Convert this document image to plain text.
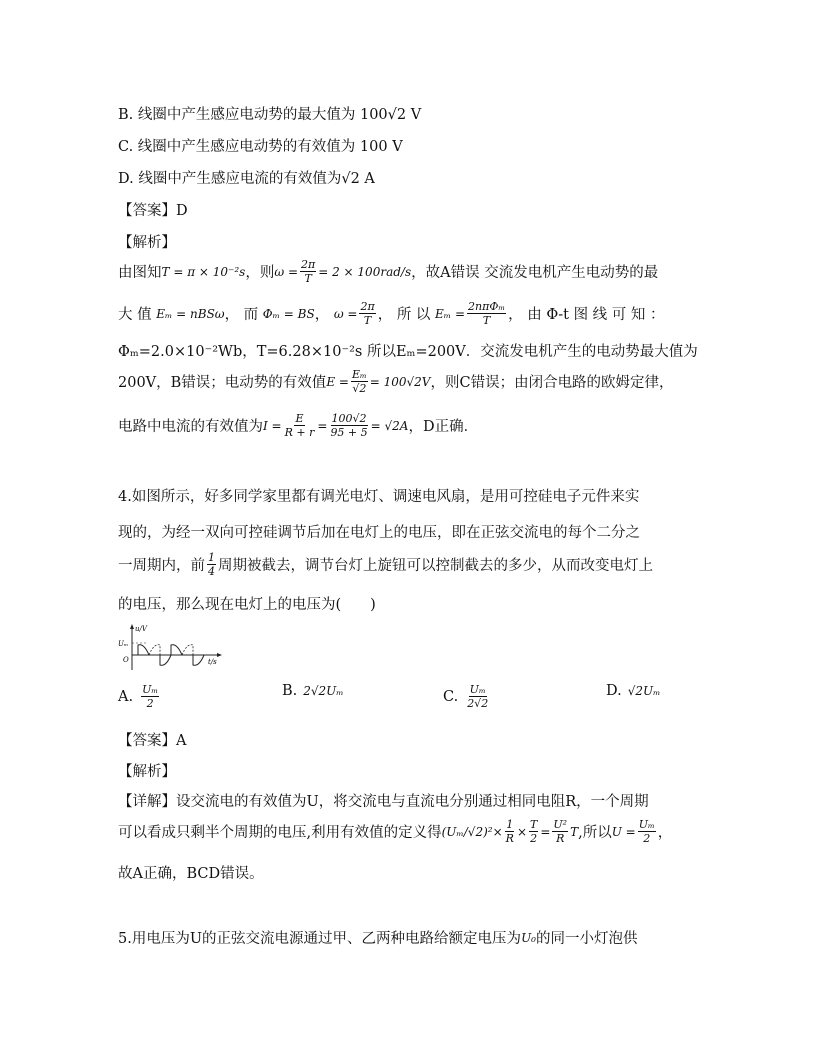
B. 线圈中产生感应电动势的最大值为 100√2 V
C. 线圈中产生感应电动势的有效值为 100 V
D. 线圈中产生感应电流的有效值为√2 A
【答案】D
【解析】
由图知 T = π × 10⁻²s ，则 $\omega = \frac{2\pi}{T} = 2 \times 100rad/s$ ，故A错误 交流发电机产生电动势的最
大 值
Eₘ = nBSω ， 而
Φₘ = BS ，
$\omega = \frac{2\pi}{T}$ ， 所 以
$E_m = \frac{\text{2nπΦₘ}}{T}$ ， 由 Φ-t 图 线 可 知 ：
Φₘ=2.0×10⁻²Wb，T=6.28×10⁻²s 所以Eₘ=200V．交流发电机产生的电动势最大值为
200V，B错误；电动势的有效值 $E = \frac{\text{Eₘ}}{√2} = 100√2V$ ，则C错误；由闭合电路的欧姆定律，
电路中电流的有效值为 $I = \frac{E}{R + r} = \frac{100√2}{95 + 5} = √2A$ ，D正确．
4.如图所示，好多同学家里都有调光电灯、调速电风扇，是用可控硅电子元件来实
现的，为经一双向可控硅调节后加在电灯上的电压，即在正弦交流电的每个二分之
一周期内，前 $\frac{1}{4}$ 周期被截去，调节台灯上旋钮可以控制截去的多少，从而改变电灯上
的电压，那么现在电灯上的电压为(　　)
u/V
Uₘ
O	t/s
A. $\frac{\text{Uₘ}}{2}$	B. 2√2Uₘ	C. $\frac{\text{Uₘ}}{2√2}$	D. √2Uₘ
【答案】A
【解析】
【详解】设交流电的有效值为U，将交流电与直流电分别通过相同电阻R，一个周期
可以看成只剩半个周期的电压,利用有效值的定义得 $(U_m/√2)^2\times \frac{1}{R} \times \frac{T}{2} = \frac{\text{U²}}{R}$ T ,所以 $U = \frac{\text{Uₘ}}{2}$ ，
故A正确，BCD错误。
5.用电压为U的正弦交流电源通过甲、乙两种电路给额定电压为 U₀ 的同一小灯泡供
